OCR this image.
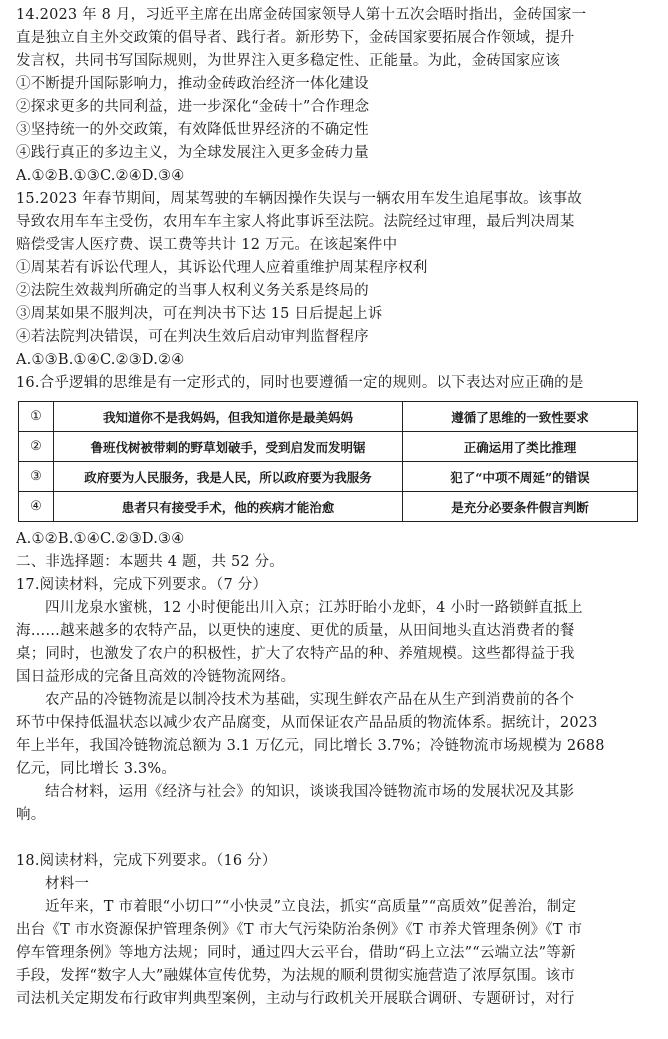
14.2023 年 8 月，习近平主席在出席金砖国家领导人第十五次会晤时指出，金砖国家一
直是独立自主外交政策的倡导者、践行者。新形势下，金砖国家要拓展合作领域，提升
发言权，共同书写国际规则，为世界注入更多稳定性、正能量。为此，金砖国家应该
①不断提升国际影响力，推动金砖政治经济一体化建设
②探求更多的共同利益，进一步深化“金砖十”合作理念
③坚持统一的外交政策，有效降低世界经济的不确定性
④践行真正的多边主义，为全球发展注入更多金砖力量
A.①②B.①③C.②④D.③④
15.2023 年春节期间，周某驾驶的车辆因操作失误与一辆农用车发生追尾事故。该事故
导致农用车车主受伤，农用车车主家人将此事诉至法院。法院经过审理，最后判决周某
赔偿受害人医疗费、误工费等共计 12 万元。在该起案件中
①周某若有诉讼代理人，其诉讼代理人应着重维护周某程序权利
②法院生效裁判所确定的当事人权利义务关系是终局的
③周某如果不服判决，可在判决书下达 15 日后提起上诉
④若法院判决错误，可在判决生效后启动审判监督程序
A.①③B.①④C.②③D.②④
16.合乎逻辑的思维是有一定形式的，同时也要遵循一定的规则。以下表达对应正确的是
①	我知道你不是我妈妈，但我知道你是最美妈妈	遵循了思维的一致性要求
②	鲁班伐树被带刺的野草划破手，受到启发而发明锯	正确运用了类比推理
③	政府要为人民服务，我是人民，所以政府要为我服务	犯了“中项不周延”的错误
④	患者只有接受手术，他的疾病才能治愈	是充分必要条件假言判断
A.①②B.①④C.②③D.③④
二、非选择题：本题共 4 题，共 52 分。
17.阅读材料，完成下列要求。（7 分）
四川龙泉水蜜桃，12 小时便能出川入京；江苏盱眙小龙虾，4 小时一路锁鲜直抵上
海……越来越多的农特产品，以更快的速度、更优的质量，从田间地头直达消费者的餐
桌；同时，也激发了农户的积极性，扩大了农特产品的种、养殖规模。这些都得益于我
国日益形成的完备且高效的冷链物流网络。
农产品的冷链物流是以制冷技术为基础，实现生鲜农产品在从生产到消费前的各个
环节中保持低温状态以减少农产品腐变，从而保证农产品品质的物流体系。据统计，2023
年上半年，我国冷链物流总额为 3.1 万亿元，同比增长 3.7%；冷链物流市场规模为 2688
亿元，同比增长 3.3%。
结合材料，运用《经济与社会》的知识，谈谈我国冷链物流市场的发展状况及其影
响。
18.阅读材料，完成下列要求。（16 分）
材料一
近年来，T 市着眼“小切口”“小快灵”立良法，抓实“高质量”“高质效”促善治，制定
出台《T 市水资源保护管理条例》《T 市大气污染防治条例》《T 市养犬管理条例》《T 市
停车管理条例》等地方法规；同时，通过四大云平台，借助“码上立法”“云端立法”等新
手段，发挥“数字人大”融媒体宣传优势，为法规的顺利贯彻实施营造了浓厚氛围。该市
司法机关定期发布行政审判典型案例，主动与行政机关开展联合调研、专题研讨，对行
